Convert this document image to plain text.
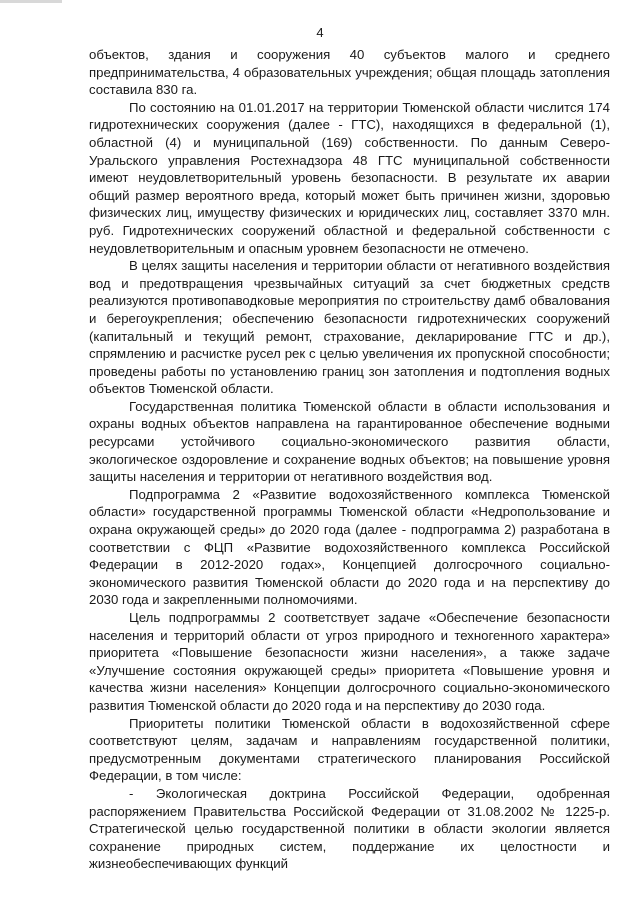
4

объектов, здания и сооружения 40 субъектов малого и среднего предпринимательства, 4 образовательных учреждения; общая площадь затопления составила 830 га.

По состоянию на 01.01.2017 на территории Тюменской области числится 174 гидротехнических сооружения (далее - ГТС), находящихся в федеральной (1), областной (4) и муниципальной (169) собственности. По данным Северо-Уральского управления Ростехнадзора 48 ГТС муниципальной собственности имеют неудовлетворительный уровень безопасности. В результате их аварии общий размер вероятного вреда, который может быть причинен жизни, здоровью физических лиц, имуществу физических и юридических лиц, составляет 3370 млн. руб. Гидротехнических сооружений областной и федеральной собственности с неудовлетворительным и опасным уровнем безопасности не отмечено.

В целях защиты населения и территории области от негативного воздействия вод и предотвращения чрезвычайных ситуаций за счет бюджетных средств реализуются противопаводковые мероприятия по строительству дамб обвалования и берегоукрепления; обеспечению безопасности гидротехнических сооружений (капитальный и текущий ремонт, страхование, декларирование ГТС и др.), спрямлению и расчистке русел рек с целью увеличения их пропускной способности; проведены работы по установлению границ зон затопления и подтопления водных объектов Тюменской области.

Государственная политика Тюменской области в области использования и охраны водных объектов направлена на гарантированное обеспечение водными ресурсами устойчивого социально-экономического развития области, экологическое оздоровление и сохранение водных объектов; на повышение уровня защиты населения и территории от негативного воздействия вод.

Подпрограмма 2 «Развитие водохозяйственного комплекса Тюменской области» государственной программы Тюменской области «Недропользование и охрана окружающей среды» до 2020 года (далее - подпрограмма 2) разработана в соответствии с ФЦП «Развитие водохозяйственного комплекса Российской Федерации в 2012-2020 годах», Концепцией долгосрочного социально-экономического развития Тюменской области до 2020 года и на перспективу до 2030 года и закрепленными полномочиями.

Цель подпрограммы 2 соответствует задаче «Обеспечение безопасности населения и территорий области от угроз природного и техногенного характера» приоритета «Повышение безопасности жизни населения», а также задаче «Улучшение состояния окружающей среды» приоритета «Повышение уровня и качества жизни населения» Концепции долгосрочного социально-экономического развития Тюменской области до 2020 года и на перспективу до 2030 года.

Приоритеты политики Тюменской области в водохозяйственной сфере соответствуют целям, задачам и направлениям государственной политики, предусмотренным документами стратегического планирования Российской Федерации, в том числе:

- Экологическая доктрина Российской Федерации, одобренная распоряжением Правительства Российской Федерации от 31.08.2002 № 1225-р. Стратегической целью государственной политики в области экологии является сохранение природных систем, поддержание их целостности и жизнеобеспечивающих функций
